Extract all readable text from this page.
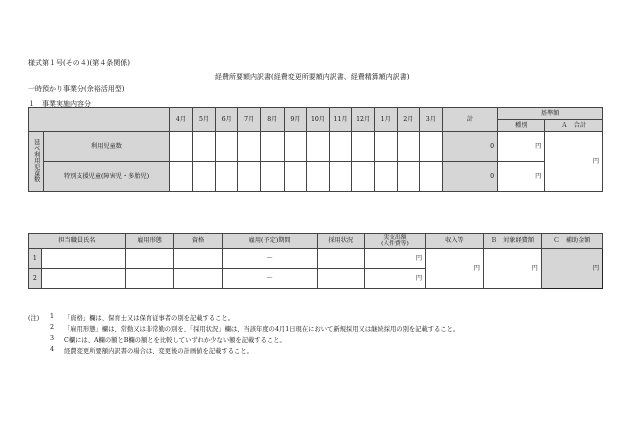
様式第１号(その４)(第４条関係)
経費所要額内訳書(経費変更所要額内訳書、経費精算額内訳書)
一時預かり事業分(余裕活用型)
１　事業実施内容分
		4月	5月	6月	7月	8月	9月	10月	11月	12月	1月	2月	3月	計	基準額	
															種別	Ａ　合計
延べ利用児童数	利用児童数													0	円	円
	特別支援児童(障害児・多胎児)													0	円	
担当職員氏名		雇用形態	資格	雇用(予定)期間	採用状況	実支出額
(人件費等)	収入等	Ｂ　対象経費額	Ｃ　補助金額
1				～		円	円	円	円
2				～		円			
(注) 1 「資格」欄は、保育士又は保育従事者の別を記載すること。
2 「雇用形態」欄は、常勤又は非常勤の別を、「採用状況」欄は、当該年度の4月1日現在において新規採用又は継続採用の別を記載すること。
3 C欄には、A欄の額とB欄の額とを比較していずれか少ない額を記載すること。
4 経費変更所要額内訳書の場合は、変更後の計画値を記載すること。
